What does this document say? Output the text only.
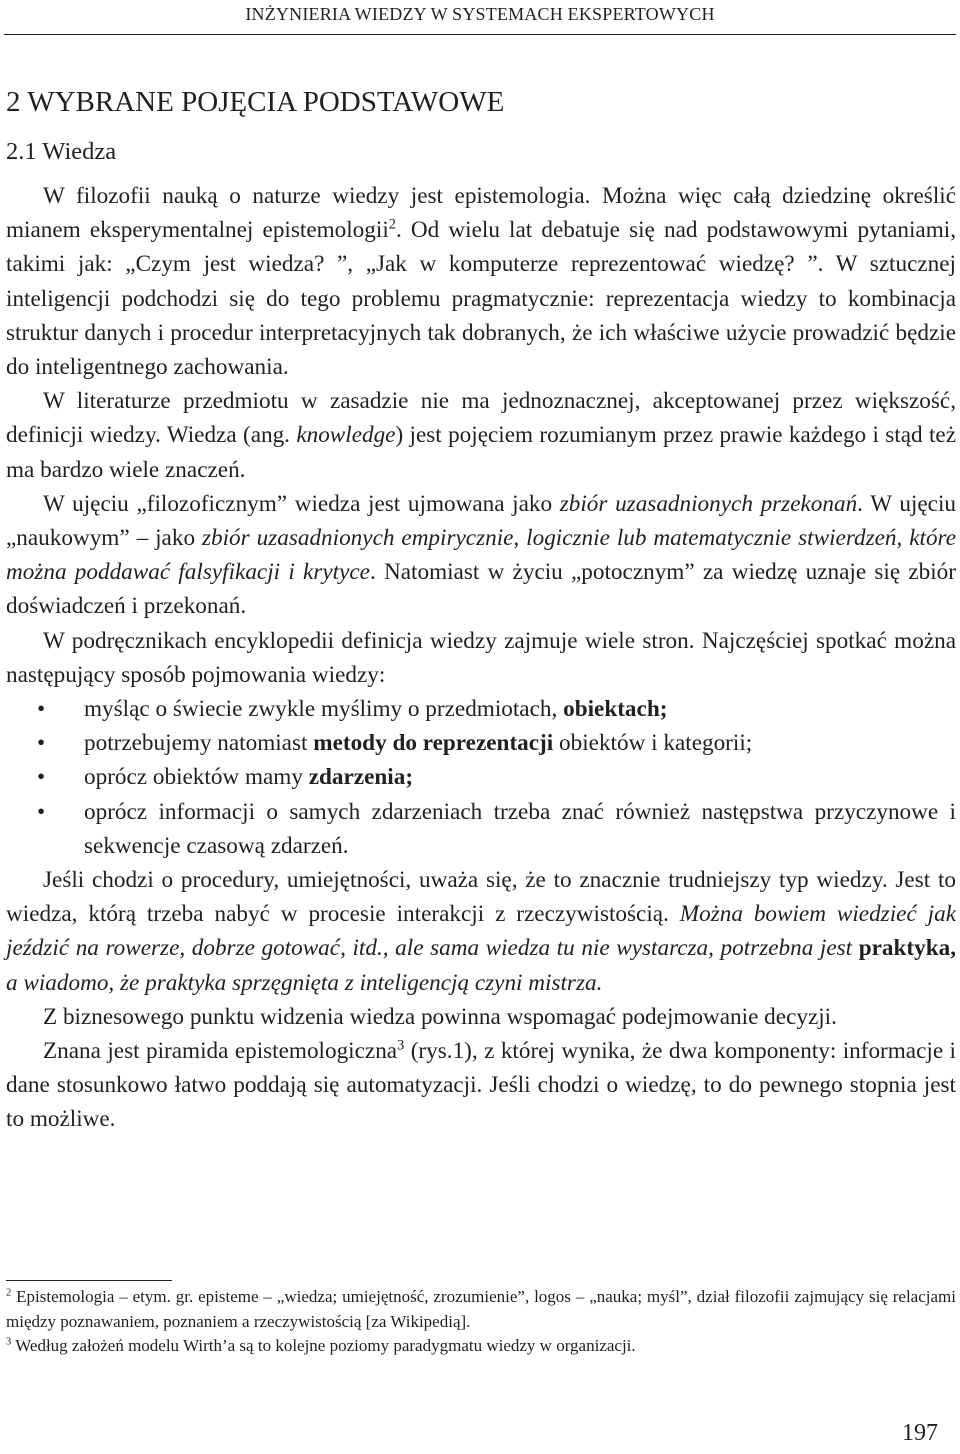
INŻYNIERIA WIEDZY W SYSTEMACH EKSPERTOWYCH
2 WYBRANE POJĘCIA PODSTAWOWE
2.1 Wiedza

W filozofii nauką o naturze wiedzy jest epistemologia. Można więc całą dziedzinę określić mianem eksperymentalnej epistemologii$^2$. Od wielu lat debatuje się nad podstawowymi pytaniami, takimi jak: „Czym jest wiedza? ”, „Jak w komputerze reprezentować wiedzę? ”. W sztucznej inteligencji podchodzi się do tego problemu pragmatycznie: reprezentacja wiedzy to kombinacja struktur danych i procedur interpretacyjnych tak dobranych, że ich właściwe użycie prowadzić będzie do inteligentnego zachowania.

W literaturze przedmiotu w zasadzie nie ma jednoznacznej, akceptowanej przez większość, definicji wiedzy. Wiedza (ang. knowledge) jest pojęciem rozumianym przez prawie każdego i stąd też ma bardzo wiele znaczeń.

W ujęciu „filozoficznym” wiedza jest ujmowana jako zbiór uzasadnionych przekonań. W ujęciu „naukowym” – jako zbiór uzasadnionych empirycznie, logicznie lub matematycznie stwierdzeń, które można poddawać falsyfikacji i krytyce. Natomiast w życiu „potocznym” za wiedzę uznaje się zbiór doświadczeń i przekonań.

W podręcznikach encyklopedii definicja wiedzy zajmuje wiele stron. Najczęściej spotkać można następujący sposób pojmowania wiedzy:

• myśląc o świecie zwykle myślimy o przedmiotach, obiektach;
• potrzebujemy natomiast metody do reprezentacji obiektów i kategorii;
• oprócz obiektów mamy zdarzenia;
• oprócz informacji o samych zdarzeniach trzeba znać również następstwa przyczynowe i sekwencje czasową zdarzeń.

Jeśli chodzi o procedury, umiejętności, uważa się, że to znacznie trudniejszy typ wiedzy. Jest to wiedza, którą trzeba nabyć w procesie interakcji z rzeczywistością. Można bowiem wiedzieć jak jeździć na rowerze, dobrze gotować, itd., ale sama wiedza tu nie wystarcza, potrzebna jest praktyka, a wiadomo, że praktyka sprzęgnięta z inteligencją czyni mistrza.

Z biznesowego punktu widzenia wiedza powinna wspomagać podejmowanie decyzji.

Znana jest piramida epistemologiczna$^3$ (rys.1), z której wynika, że dwa komponenty: informacje i dane stosunkowo łatwo poddają się automatyzacji. Jeśli chodzi o wiedzę, to do pewnego stopnia jest to możliwe.

$^2$ Epistemologia – etym. gr. episteme – „wiedza; umiejętność, zrozumienie”, logos – „nauka; myśl”, dział filozofii zajmujący się relacjami między poznawaniem, poznaniem a rzeczywistością [za Wikipedią].

$^3$ Według założeń modelu Wirth’a są to kolejne poziomy paradygmatu wiedzy w organizacji.

197
